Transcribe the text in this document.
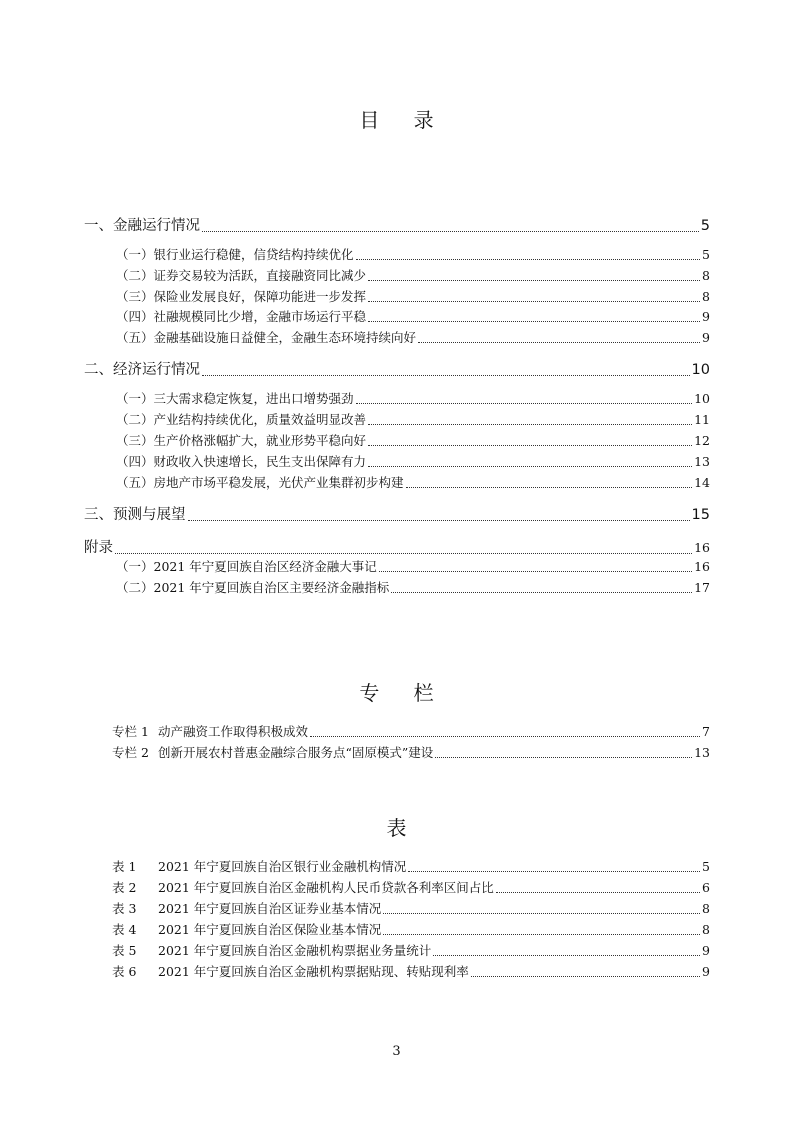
目 录
一、金融运行情况	5
（一）银行业运行稳健，信贷结构持续优化	5
（二）证券交易较为活跃，直接融资同比减少	8
（三）保险业发展良好，保障功能进一步发挥	8
（四）社融规模同比少增，金融市场运行平稳	9
（五）金融基础设施日益健全，金融生态环境持续向好	9
二、经济运行情况	10
（一）三大需求稳定恢复，进出口增势强劲	10
（二）产业结构持续优化，质量效益明显改善	11
（三）生产价格涨幅扩大，就业形势平稳向好	12
（四）财政收入快速增长，民生支出保障有力	13
（五）房地产市场平稳发展，光伏产业集群初步构建	14
三、预测与展望	15
附录	16
（一）2021 年宁夏回族自治区经济金融大事记	16
（二）2021 年宁夏回族自治区主要经济金融指标	17
专 栏
专栏 1 动产融资工作取得积极成效	7
专栏 2 创新开展农村普惠金融综合服务点“固原模式”建设	13
表
表 1 2021 年宁夏回族自治区银行业金融机构情况	5
表 2 2021 年宁夏回族自治区金融机构人民币贷款各利率区间占比	6
表 3 2021 年宁夏回族自治区证券业基本情况	8
表 4 2021 年宁夏回族自治区保险业基本情况	8
表 5 2021 年宁夏回族自治区金融机构票据业务量统计	9
表 6 2021 年宁夏回族自治区金融机构票据贴现、转贴现利率	9
3
